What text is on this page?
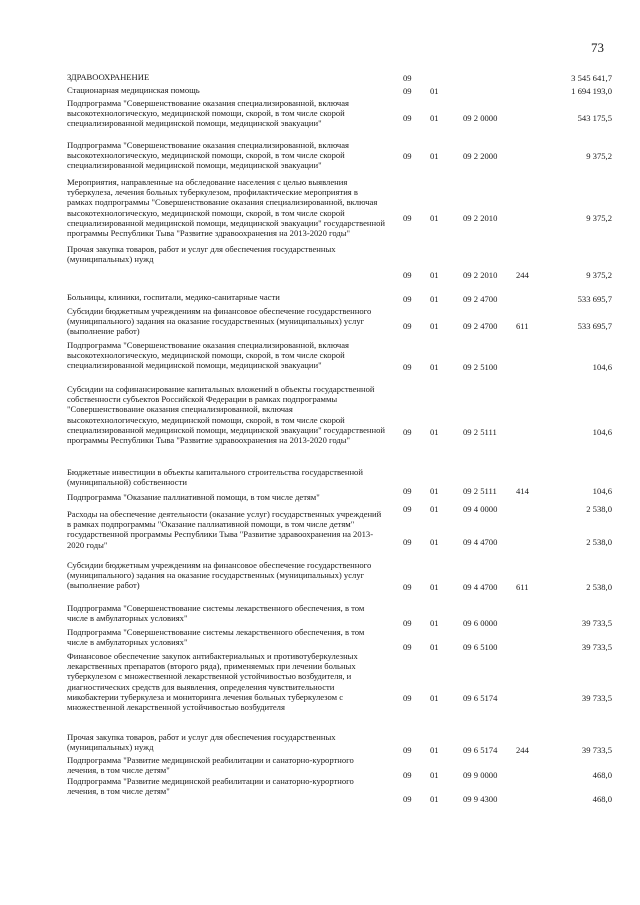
73
ЗДРАВООХРАНЕНИЕ	09	3 545 641,7
Стационарная медицинская помощь	09 01	1 694 193,0
Подпрограмма "Совершенствование оказания специализированной, включая высокотехнологическую, медицинской помощи, скорой, в том числе скорой специализированной медицинской помощи, медицинской эвакуации"
09 01	09 2 0000	543 175,5
Подпрограмма "Совершенствование оказания специализированной, включая высокотехнологическую, медицинской помощи, скорой, в том числе скорой специализированной медицинской помощи, медицинской эвакуации"
09 01	09 2 2000	9 375,2
Мероприятия, направленные на обследование населения с целью выявления туберкулеза, лечения больных туберкулезом, профилактические мероприятия в рамках подпрограммы "Совершенствование оказания специализированной, включая высокотехнологическую, медицинской помощи, скорой, в том числе скорой специализированной медицинской помощи, медицинской эвакуации" государственной программы Республики Тыва "Развитие здравоохранения на 2013-2020 годы"
09 01	09 2 2010	9 375,2
Прочая закупка товаров, работ и услуг для обеспечения государственных (муниципальных) нужд
09 01	09 2 2010 244	9 375,2
Больницы, клиники, госпитали, медико-санитарные части	09 01	09 2 4700	533 695,7
Субсидии бюджетным учреждениям на финансовое обеспечение государственного (муниципального) задания на оказание государственных (муниципальных) услуг (выполнение работ)
09 01	09 2 4700 611	533 695,7
Подпрограмма "Совершенствование оказания специализированной, включая высокотехнологическую, медицинской помощи, скорой, в том числе скорой специализированной медицинской помощи, медицинской эвакуации"	09 01	09 2 5100	104,6
Субсидии на софинансирование капитальных вложений в объекты государственной собственности субъектов Российской Федерации в рамках подпрограммы "Совершенствование оказания специализированной, включая высокотехнологическую, медицинской помощи, скорой, в том числе скорой специализированной медицинской помощи, медицинской эвакуации" государственной программы Республики Тыва "Развитие здравоохранения на 2013-2020 годы"
09 01	09 2 5111	104,6
Бюджетные инвестиции в объекты капитального строительства государственной (муниципальной) собственности
09 01	09 2 5111 414	104,6
Подпрограмма "Оказание паллиативной помощи, в том числе детям"
09 01	09 4 0000	2 538,0
Расходы на обеспечение деятельности (оказание услуг) государственных учреждений в рамках подпрограммы "Оказание паллиативной помощи, в том числе детям" государственной программы Республики Тыва "Развитие здравоохранения на 2013-2020 годы"	09 01	09 4 4700	2 538,0
Субсидии бюджетным учреждениям на финансовое обеспечение государственного (муниципального) задания на оказание государственных (муниципальных) услуг (выполнение работ)	09 01	09 4 4700 611	2 538,0
Подпрограмма "Совершенствование системы лекарственного обеспечения, в том числе в амбулаторных условиях"	09 01	09 6 0000	39 733,5
Подпрограмма "Совершенствование системы лекарственного обеспечения, в том числе в амбулаторных условиях"	09 01	09 6 5100	39 733,5
Финансовое обеспечение закупок антибактериальных и противотуберкулезных лекарственных препаратов (второго ряда), применяемых при лечении больных туберкулезом с множественной лекарственной устойчивостью возбудителя, и диагностических средств для выявления, определения чувствительности микобактерии туберкулеза и мониторинга лечения больных туберкулезом с множественной лекарственной устойчивостью возбудителя
09 01	09 6 5174	39 733,5
Прочая закупка товаров, работ и услуг для обеспечения государственных (муниципальных) нужд	09 01	09 6 5174 244	39 733,5
Подпрограмма "Развитие медицинской реабилитации и санаторно-курортного лечения, в том числе детям"	09 01	09 9 0000	468,0
Подпрограмма "Развитие медицинской реабилитации и санаторно-курортного лечения, в том числе детям"
09 01	09 9 4300	468,0
